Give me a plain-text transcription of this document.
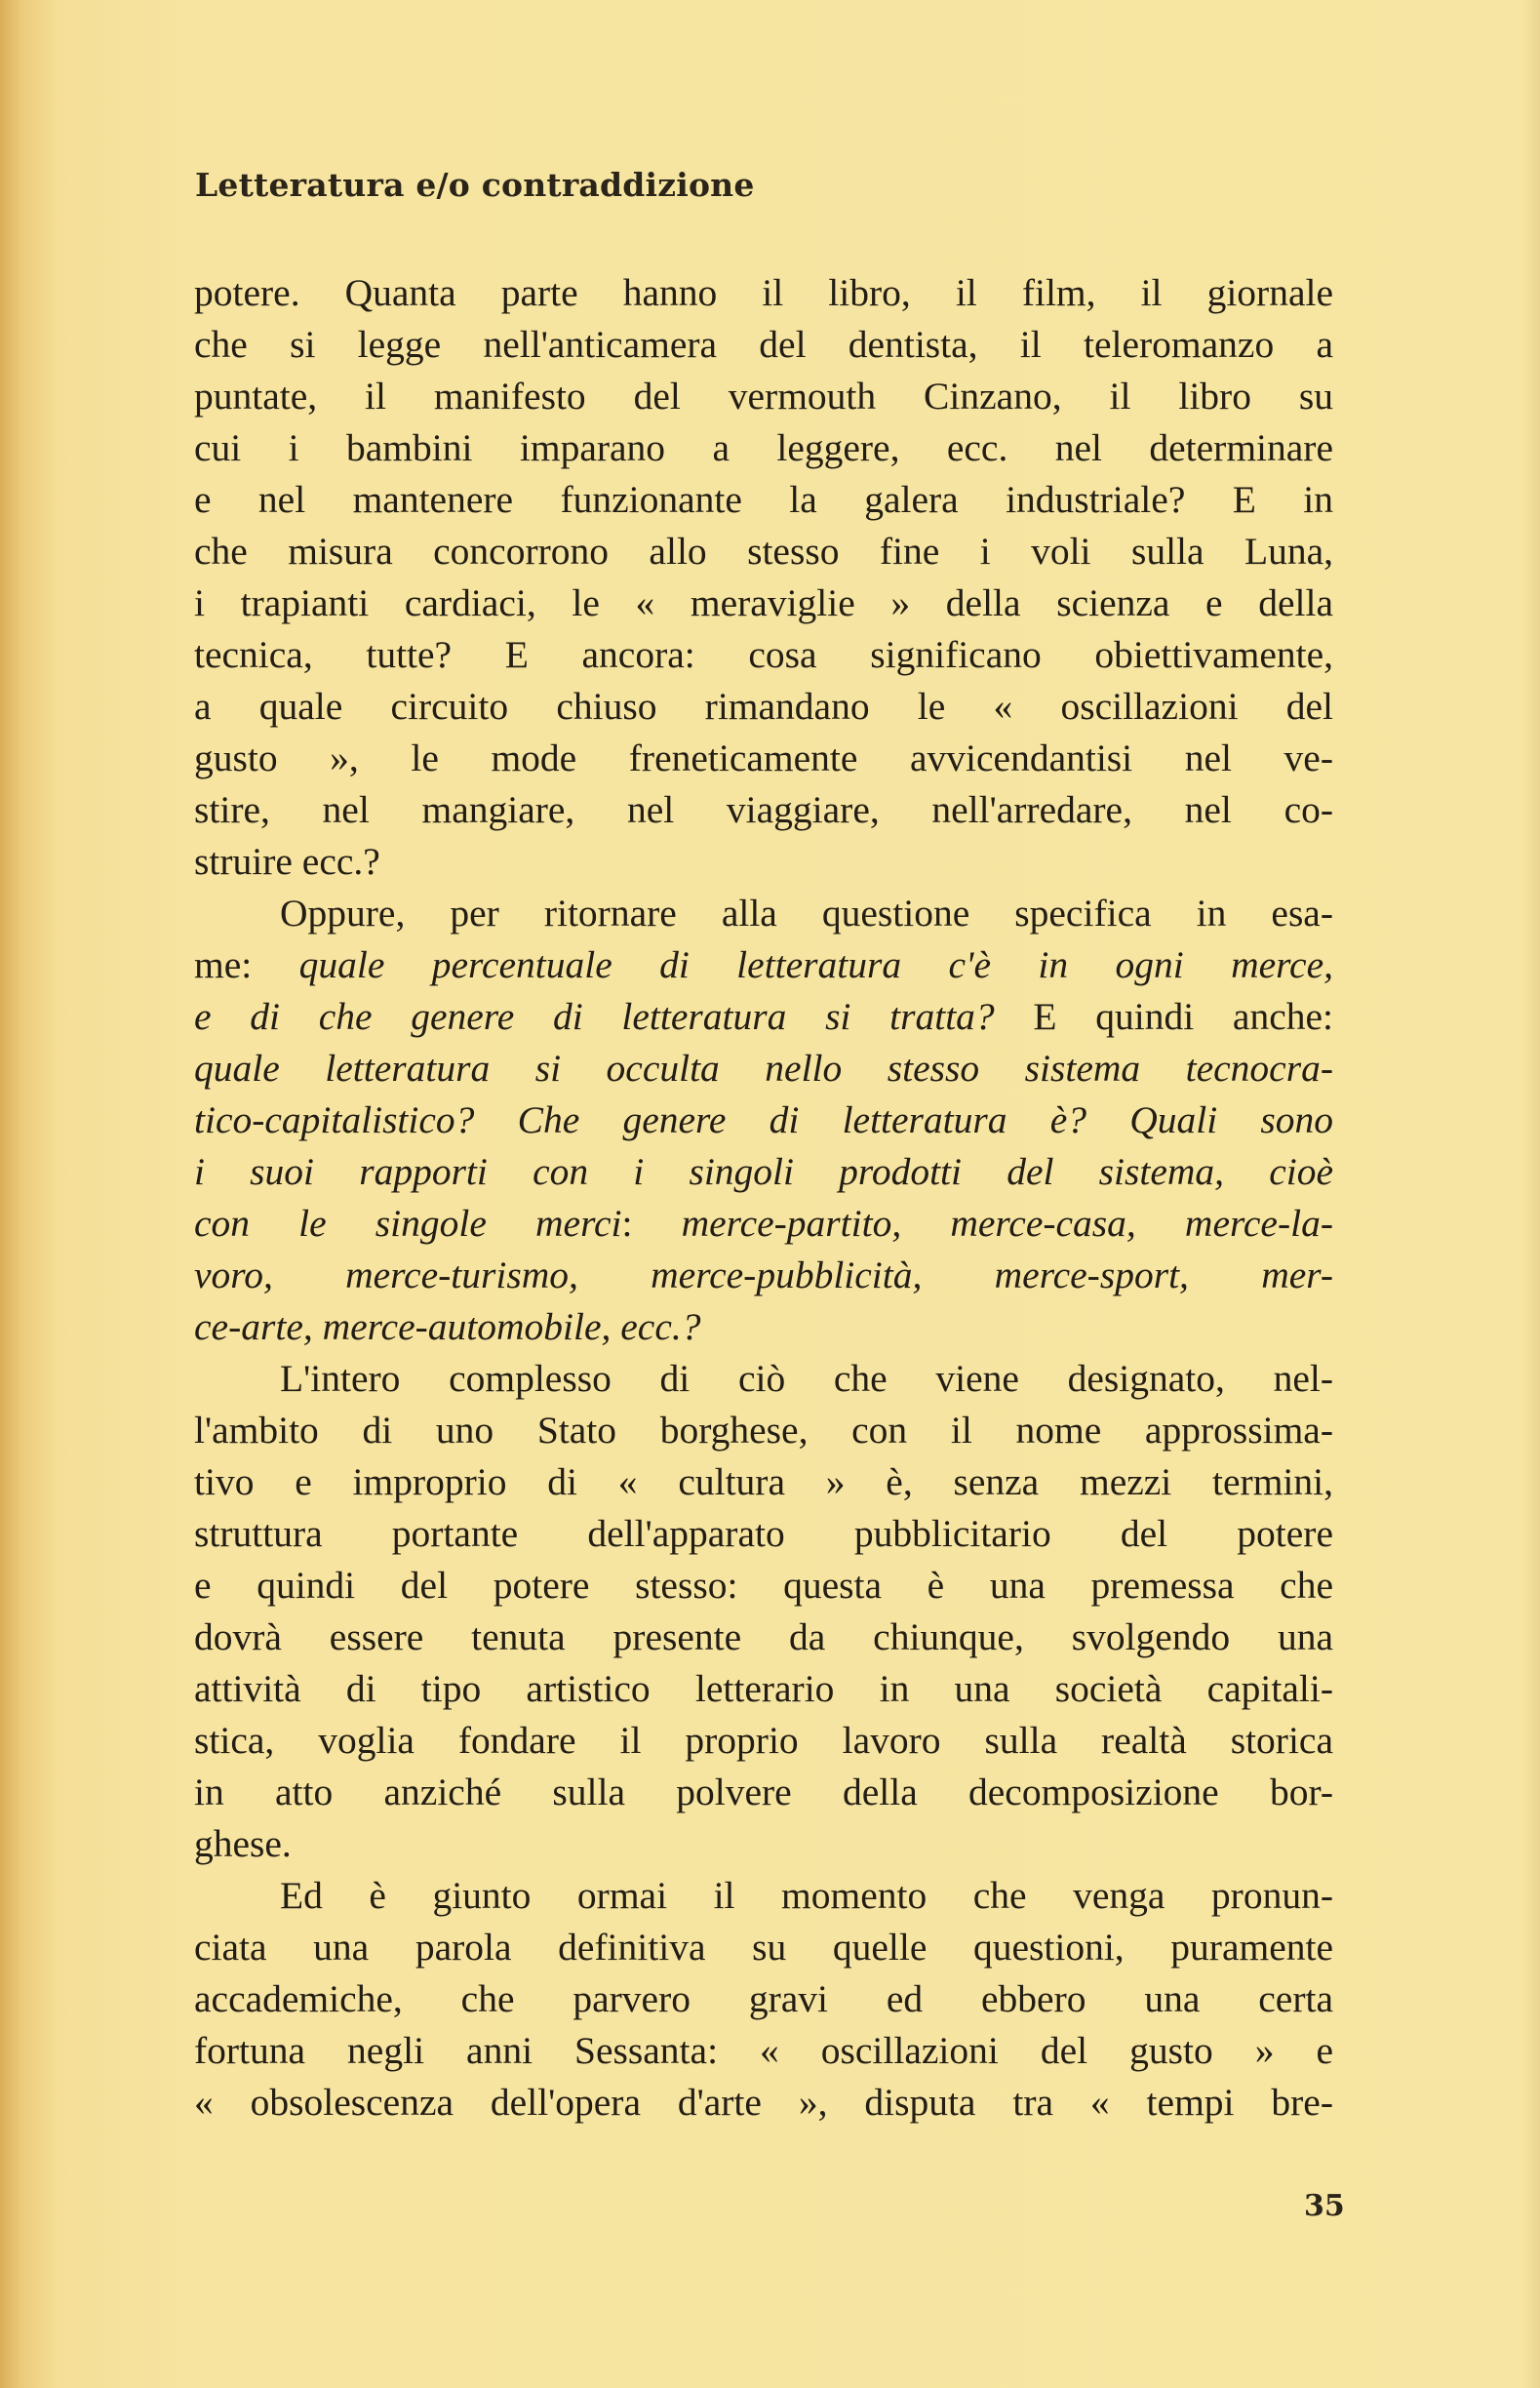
Letteratura e/o contraddizione
potere. Quanta parte hanno il libro, il film, il giornale
che si legge nell'anticamera del dentista, il teleromanzo a
puntate, il manifesto del vermouth Cinzano, il libro su
cui i bambini imparano a leggere, ecc. nel determinare
e nel mantenere funzionante la galera industriale? E in
che misura concorrono allo stesso fine i voli sulla Luna,
i trapianti cardiaci, le « meraviglie » della scienza e della
tecnica, tutte? E ancora: cosa significano obiettivamente,
a quale circuito chiuso rimandano le « oscillazioni del
gusto », le mode freneticamente avvicendantisi nel ve-
stire, nel mangiare, nel viaggiare, nell'arredare, nel co-
struire ecc.?
Oppure, per ritornare alla questione specifica in esa-
me: quale percentuale di letteratura c'è in ogni merce,
e di che genere di letteratura si tratta? E quindi anche:
quale letteratura si occulta nello stesso sistema tecnocra-
tico-capitalistico? Che genere di letteratura è? Quali sono
i suoi rapporti con i singoli prodotti del sistema, cioè
con le singole merci: merce-partito, merce-casa, merce-la-
voro, merce-turismo, merce-pubblicità, merce-sport, mer-
ce-arte, merce-automobile, ecc.?
L'intero complesso di ciò che viene designato, nel-
l'ambito di uno Stato borghese, con il nome approssima-
tivo e improprio di « cultura » è, senza mezzi termini,
struttura portante dell'apparato pubblicitario del potere
e quindi del potere stesso: questa è una premessa che
dovrà essere tenuta presente da chiunque, svolgendo una
attività di tipo artistico letterario in una società capitali-
stica, voglia fondare il proprio lavoro sulla realtà storica
in atto anziché sulla polvere della decomposizione bor-
ghese.
Ed è giunto ormai il momento che venga pronun-
ciata una parola definitiva su quelle questioni, puramente
accademiche, che parvero gravi ed ebbero una certa
fortuna negli anni Sessanta: « oscillazioni del gusto » e
« obsolescenza dell'opera d'arte », disputa tra « tempi bre-
35
